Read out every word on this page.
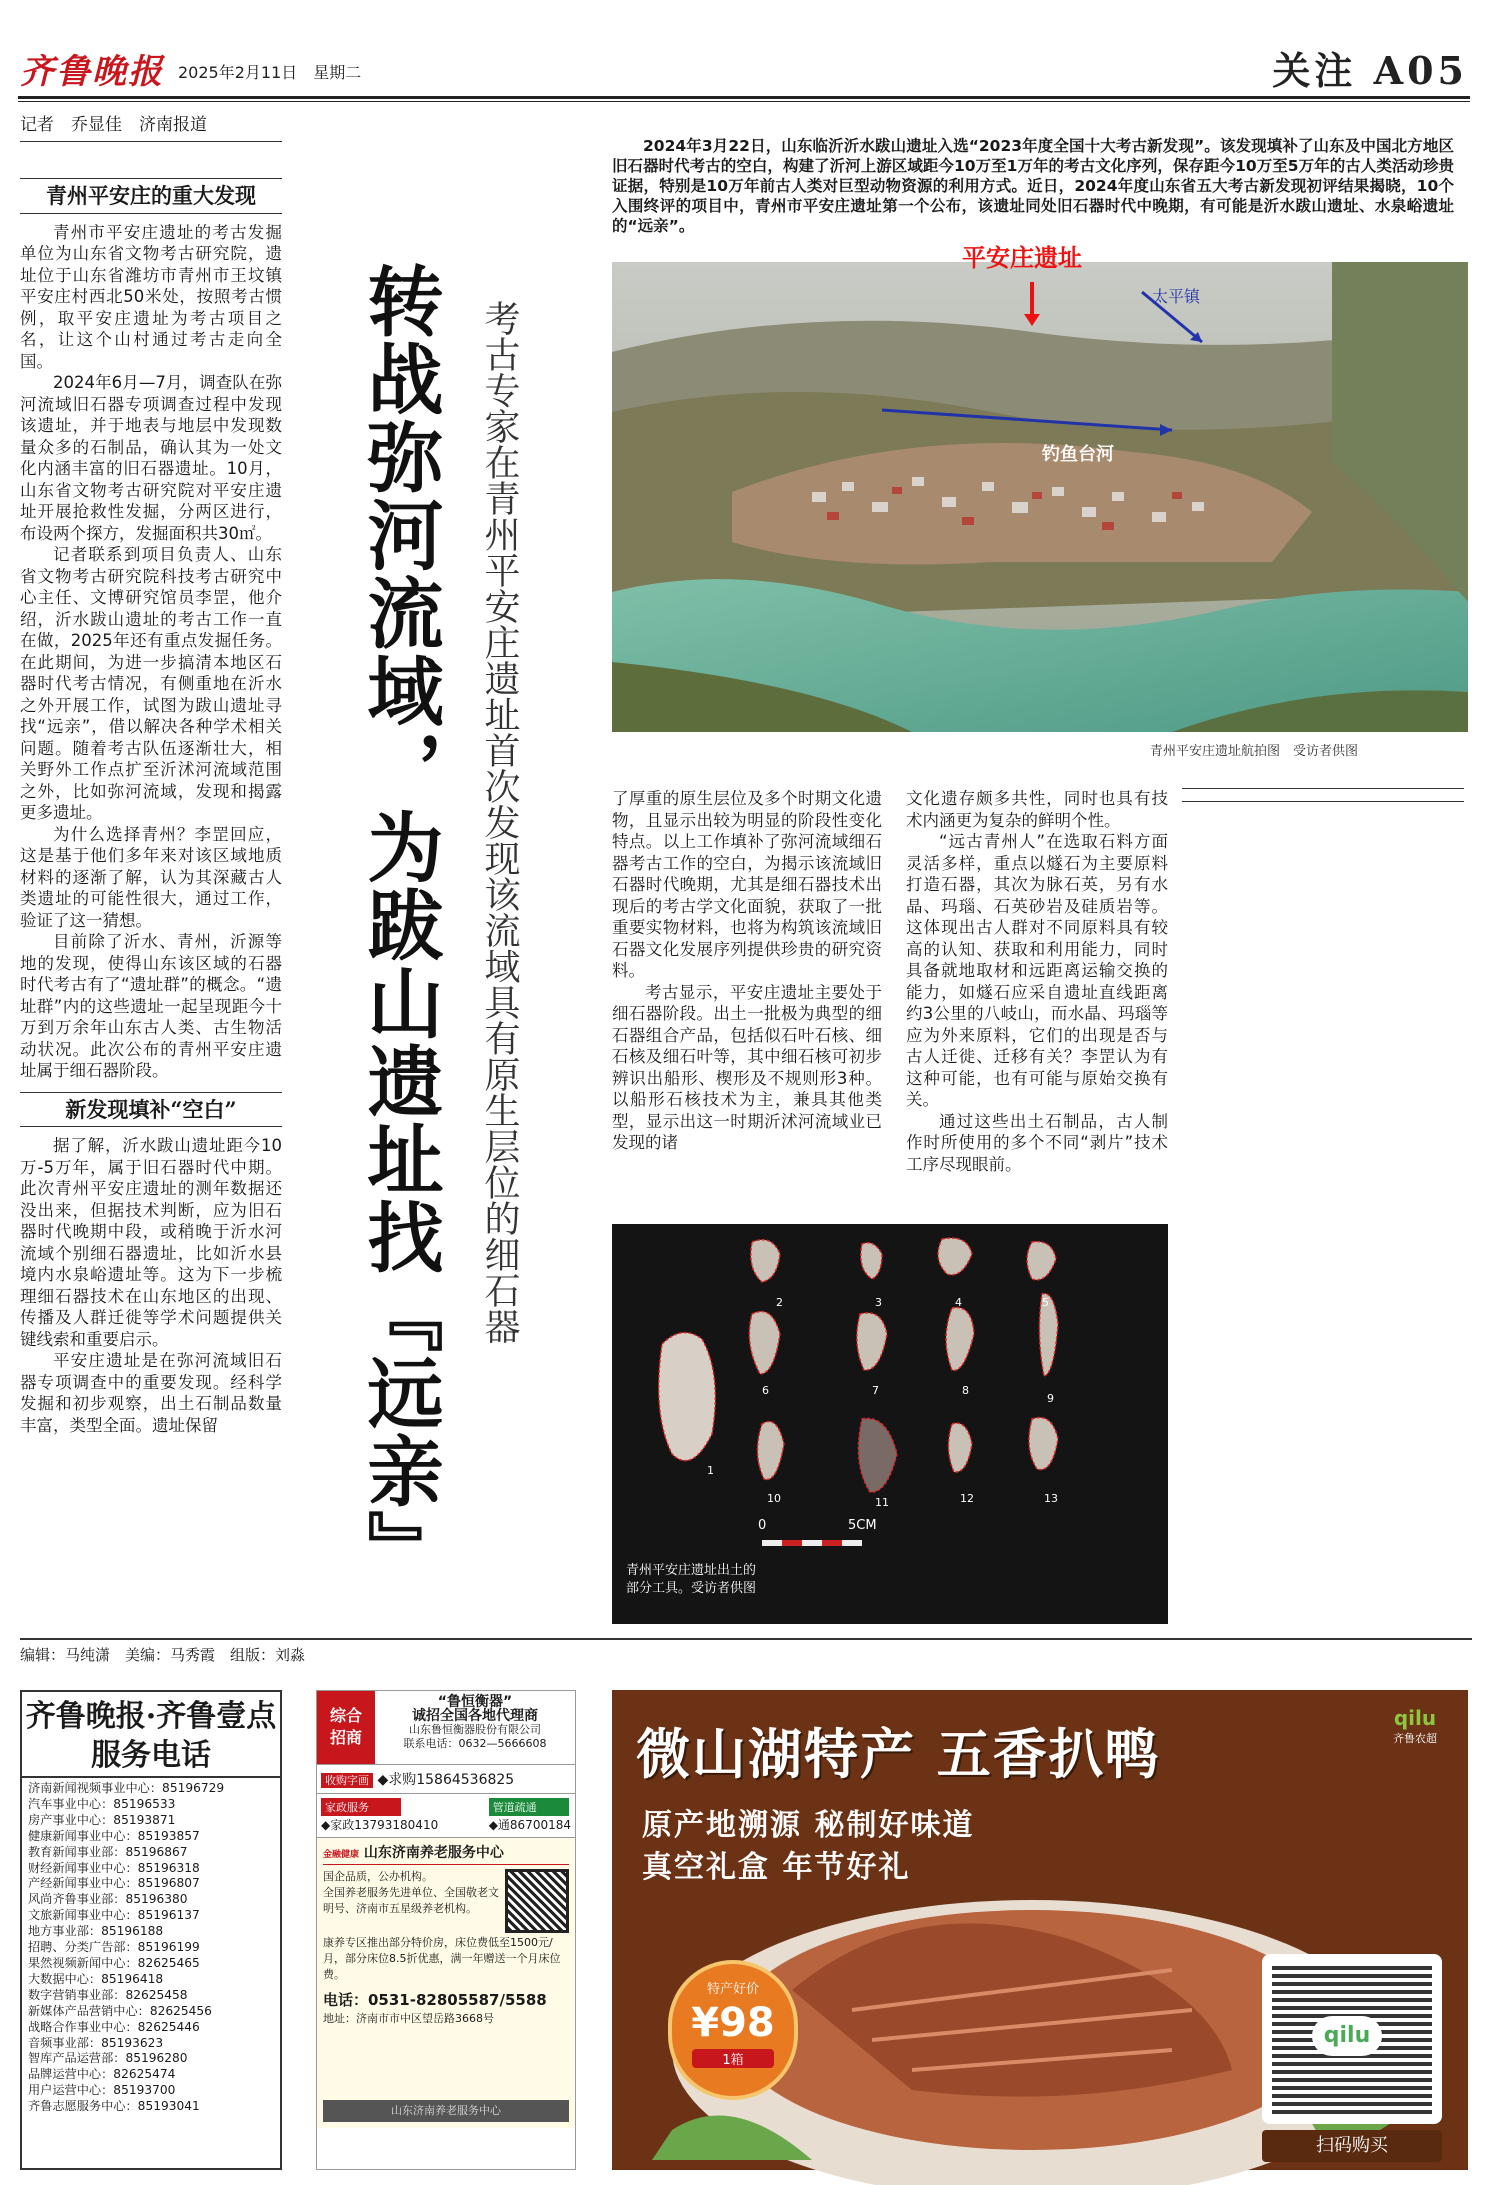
齐鲁晚报 2025年2月11日　星期二	关注 A05
记者　乔显佳　济南报道
青州平安庄的重大发现

青州市平安庄遗址的考古发掘单位为山东省文物考古研究院，遗址位于山东省潍坊市青州市王坟镇平安庄村西北50米处，按照考古惯例，取平安庄遗址为考古项目之名，让这个山村通过考古走向全国。

2024年6月—7月，调查队在弥河流域旧石器专项调查过程中发现该遗址，并于地表与地层中发现数量众多的石制品，确认其为一处文化内涵丰富的旧石器遗址。10月，山东省文物考古研究院对平安庄遗址开展抢救性发掘，分两区进行，布设两个探方，发掘面积共30㎡。

记者联系到项目负责人、山东省文物考古研究院科技考古研究中心主任、文博研究馆员李罡，他介绍，沂水跋山遗址的考古工作一直在做，2025年还有重点发掘任务。在此期间，为进一步搞清本地区石器时代考古情况，有侧重地在沂水之外开展工作，试图为跋山遗址寻找“远亲”，借以解决各种学术相关问题。随着考古队伍逐渐壮大，相关野外工作点扩至沂沭河流域范围之外，比如弥河流域，发现和揭露更多遗址。

为什么选择青州？李罡回应，这是基于他们多年来对该区域地质材料的逐渐了解，认为其深藏古人类遗址的可能性很大，通过工作，验证了这一猜想。

目前除了沂水、青州，沂源等地的发现，使得山东该区域的石器时代考古有了“遗址群”的概念。“遗址群”内的这些遗址一起呈现距今十万到万余年山东古人类、古生物活动状况。此次公布的青州平安庄遗址属于细石器阶段。

新发现填补“空白”

据了解，沂水跋山遗址距今10万-5万年，属于旧石器时代中期。此次青州平安庄遗址的测年数据还没出来，但据技术判断，应为旧石器时代晚期中段，或稍晚于沂水河流域个别细石器遗址，比如沂水县境内水泉峪遗址等。这为下一步梳理细石器技术在山东地区的出现、传播及人群迁徙等学术问题提供关键线索和重要启示。

平安庄遗址是在弥河流域旧石器专项调查中的重要发现。经科学发掘和初步观察，出土石制品数量丰富，类型全面。遗址保留	转战弥河流域，为跋山遗址找『远亲』 考古专家在青州平安庄遗址首次发现该流域具有原生层位的细石器

2024年3月22日，山东临沂沂水跋山遗址入选“2023年度全国十大考古新发现”。该发现填补了山东及中国北方地区旧石器时代考古的空白，构建了沂河上游区域距今10万至1万年的考古文化序列，保存距今10万至5万年的古人类活动珍贵证据，特别是10万年前古人类对巨型动物资源的利用方式。近日，2024年度山东省五大考古新发现初评结果揭晓，10个入围终评的项目中，青州市平安庄遗址第一个公布，该遗址同处旧石器时代中晚期，有可能是沂水跋山遗址、水泉峪遗址的“远亲”。

平安庄遗址
太平镇
钓鱼台河
青州平安庄遗址航拍图　受访者供图

了厚重的原生层位及多个时期文化遗物，且显示出较为明显的阶段性变化特点。以上工作填补了弥河流域细石器考古工作的空白，为揭示该流域旧石器时代晚期，尤其是细石器技术出现后的考古学文化面貌，获取了一批重要实物材料，也将为构筑该流域旧石器文化发展序列提供珍贵的研究资料。

考古显示，平安庄遗址主要处于细石器阶段。出土一批极为典型的细石器组合产品，包括似石叶石核、细石核及细石叶等，其中细石核可初步辨识出船形、楔形及不规则形3种。以船形石核技术为主，兼具其他类型，显示出这一时期沂沭河流域业已发现的诸

文化遗存颇多共性，同时也具有技术内涵更为复杂的鲜明个性。

“远古青州人”在选取石料方面灵活多样，重点以燧石为主要原料打造石器，其次为脉石英，另有水晶、玛瑙、石英砂岩及硅质岩等。这体现出古人群对不同原料具有较高的认知、获取和利用能力，同时具备就地取材和远距离运输交换的能力，如燧石应采自遗址直线距离约3公里的八岐山，而水晶、玛瑙等应为外来原料，它们的出现是否与古人迁徙、迁移有关？李罡认为有这种可能，也有可能与原始交换有关。

通过这些出土石制品，古人制作时所使用的多个不同“剥片”技术工序尽现眼前。

0	5CM
青州平安庄遗址出土的部分工具。受访者供图
1
2	3	4	5
6	7	8
9
10	11	12	13
编辑：马纯潇　美编：马秀霞　组版：刘淼
齐鲁晚报·齐鲁壹点
服务电话
济南新闻视频事业中心：85196729
汽车事业中心：85196533
房产事业中心：85193871
健康新闻事业中心：85193857
教育新闻事业部：85196867
财经新闻事业中心：85196318
产经新闻事业中心：85196807
风尚齐鲁事业部：85196380
文旅新闻事业中心：85196137
地方事业部：85196188
招聘、分类广告部：85196199
果然视频新闻中心：82625465
大数据中心：85196418
数字营销事业部：82625458
新媒体产品营销中心：82625456
战略合作事业中心：82625446
音频事业部：85193623
智库产品运营部：85196280
品牌运营中心：82625474
用户运营中心：85193700
齐鲁志愿服务中心：85193041
综合招商
“鲁恒衡器”
诚招全国各地代理商
山东鲁恒衡器股份有限公司
联系电话：0632—5666608
收购字画 ◆求购15864536825
家政服务
◆家政13793180410
管道疏通
◆通86700184
金融健康 山东济南养老服务中心
国企品质，公办机构。
全国养老服务先进单位、全国敬老文明号、济南市五星级养老机构。
康养专区推出部分特价房，床位费低至1500元/月，部分床位8.5折优惠，满一年赠送一个月床位费。
电话：0531-82805587/5588
地址：济南市市中区望岳路3668号
山东济南养老服务中心
微山湖特产 五香扒鸭
原产地溯源 秘制好味道
真空礼盒 年节好礼
qilu
齐鲁农超
特产好价
¥98
1箱
qilu
扫码购买
